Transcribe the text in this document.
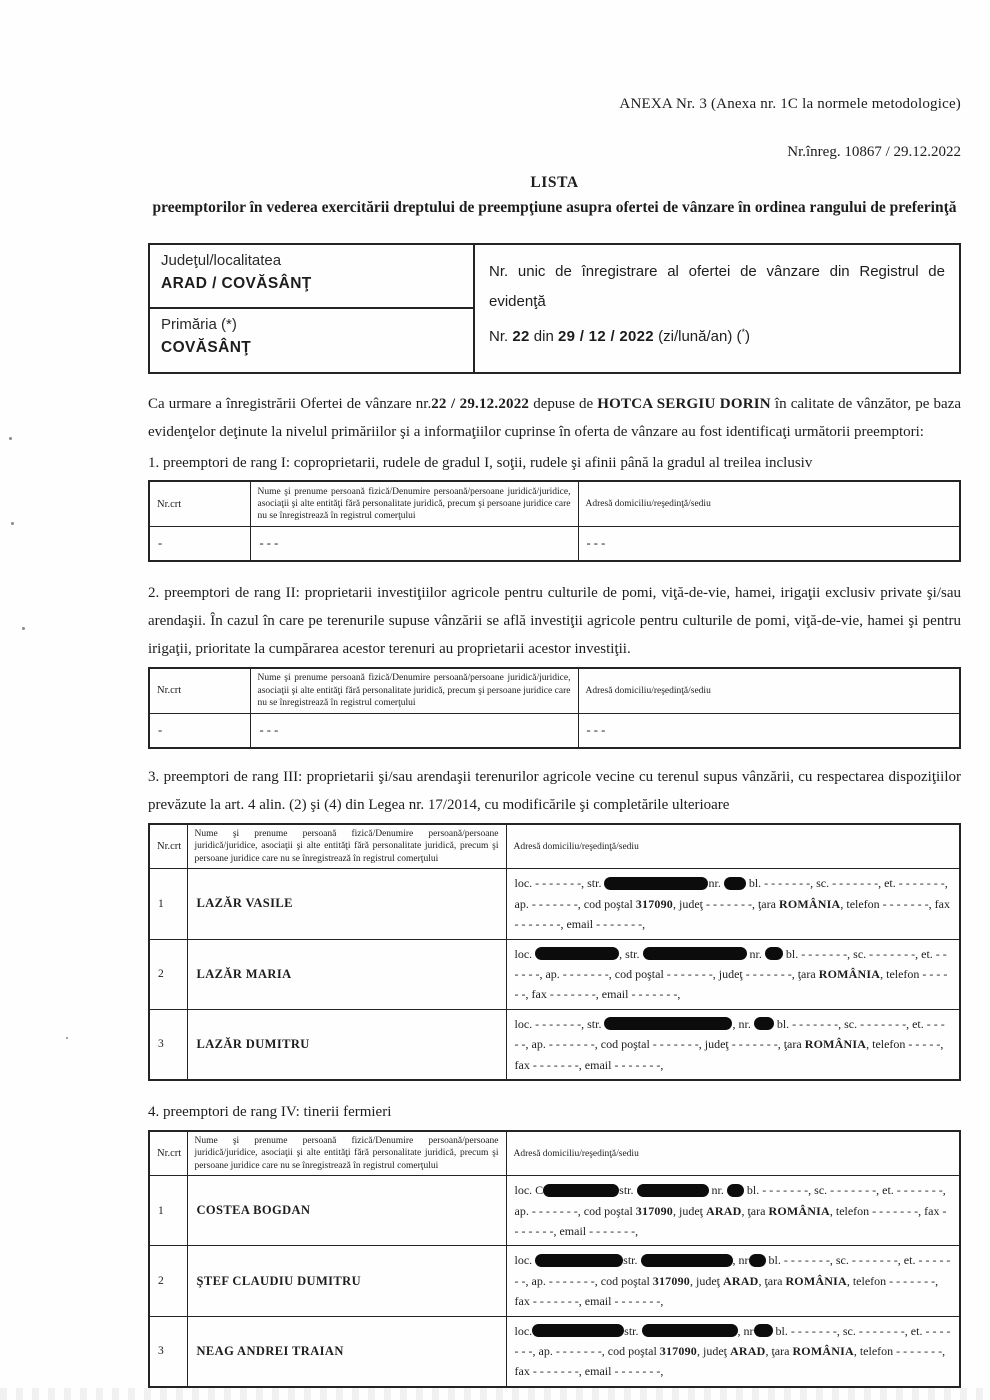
ANEXA Nr. 3 (Anexa nr. 1C la normele metodologice)
Nr.înreg. 10867 / 29.12.2022
LISTA
preemptorilor în vederea exercitării dreptului de preempţiune asupra ofertei de vânzare în ordinea rangului de preferinţă
Judeţul/localitatea
ARAD / COVĂSÂNŢ
Nr. unic de înregistrare al ofertei de vânzare din Registrul de evidenţă
Nr. 22 din 29 / 12 / 2022 (zi/lună/an) (*)
Primăria (*)
COVĂSÂNŢ
Ca urmare a înregistrării Ofertei de vânzare nr.22 / 29.12.2022 depuse de HOTCA SERGIU DORIN în calitate de vânzător, pe baza evidenţelor deţinute la nivelul primăriilor şi a informaţiilor cuprinse în oferta de vânzare au fost identificaţi următorii preemptori:
1. preemptori de rang I: coproprietarii, rudele de gradul I, soţii, rudele şi afinii până la gradul al treilea inclusiv
Nr.crt	Nume şi prenume persoană fizică/Denumire persoană/persoane juridică/juridice, asociaţii şi alte entităţi fără personalitate juridică, precum şi persoane juridice care nu se înregistrează în registrul comerţului	Adresă domiciliu/reşedinţă/sediu
-	- - -	- - -
2. preemptori de rang II: proprietarii investiţiilor agricole pentru culturile de pomi, viţă-de-vie, hamei, irigaţii exclusiv private şi/sau arendaşii. În cazul în care pe terenurile supuse vânzării se află investiţii agricole pentru culturile de pomi, viţă-de-vie, hamei şi pentru irigaţii, prioritate la cumpărarea acestor terenuri au proprietarii acestor investiţii.
Nr.crt	Nume şi prenume persoană fizică/Denumire persoană/persoane juridică/juridice, asociaţii şi alte entităţi fără personalitate juridică, precum şi persoane juridice care nu se înregistrează în registrul comerţului	Adresă domiciliu/reşedinţă/sediu
-	- - -	- - -
3. preemptori de rang III: proprietarii şi/sau arendaşii terenurilor agricole vecine cu terenul supus vânzării, cu respectarea dispoziţiilor prevăzute la art. 4 alin. (2) şi (4) din Legea nr. 17/2014, cu modificările şi completările ulterioare
Nr.crt	Nume şi prenume persoană fizică/Denumire persoană/persoane juridică/juridice, asociaţii şi alte entităţi fără personalitate juridică, precum şi persoane juridice care nu se înregistrează în registrul comerţului	Adresă domiciliu/reşedinţă/sediu
1	LAZĂR VASILE	loc. - - - - - - -, str. nr.  bl. - - - - - - -, sc. - - - - - - -, et. - - - - - - -, ap. - - - - - - -, cod poştal 317090, judeţ - - - - - - -, ţara ROMÂNIA, telefon - - - - - - -, fax - - - - - - -, email - - - - - - -,
2	LAZĂR MARIA	loc. , str. nr.  bl. - - - - - - -, sc. - - - - - - -, et. - - - - - -, ap. - - - - - - -, cod poştal - - - - - - -, judeţ - - - - - - -, ţara ROMÂNIA, telefon - - - - - -, fax - - - - - - -, email - - - - - - -,
3	LAZĂR DUMITRU	loc. - - - - - - -, str. , nr.  bl. - - - - - - -, sc. - - - - - - -, et. - - - - -, ap. - - - - - - -, cod poştal - - - - - - -, judeţ - - - - - - -, ţara ROMÂNIA, telefon - - - - -, fax - - - - - - -, email - - - - - - -,
4. preemptori de rang IV: tinerii fermieri
Nr.crt	Nume şi prenume persoană fizică/Denumire persoană/persoane juridică/juridice, asociaţii şi alte entităţi fără personalitate juridică, precum şi persoane juridice care nu se înregistrează în registrul comerţului	Adresă domiciliu/reşedinţă/sediu
1	COSTEA BOGDAN	loc. C str. nr.  bl. - - - - - - -, sc. - - - - - - -, et. - - - - - - -, ap. - - - - - - -, cod poştal 317090, judeţ ARAD, ţara ROMÂNIA, telefon - - - - - - -, fax - - - - - - -, email - - - - - - -,
2	ŞTEF CLAUDIU DUMITRU	loc. str. , nr bl. - - - - - - -, sc. - - - - - - -, et. - - - - - - -, ap. - - - - - - -, cod poştal 317090, judeţ ARAD, ţara ROMÂNIA, telefon - - - - - - -, fax - - - - - - -, email - - - - - - -,
3	NEAG ANDREI TRAIAN	loc. str. , nr bl. - - - - - - -, sc. - - - - - - -, et. - - - - - - -, ap. - - - - - - -, cod poştal 317090, judeţ ARAD, ţara ROMÂNIA, telefon - - - - - - -, fax - - - - - - -, email - - - - - - -,
